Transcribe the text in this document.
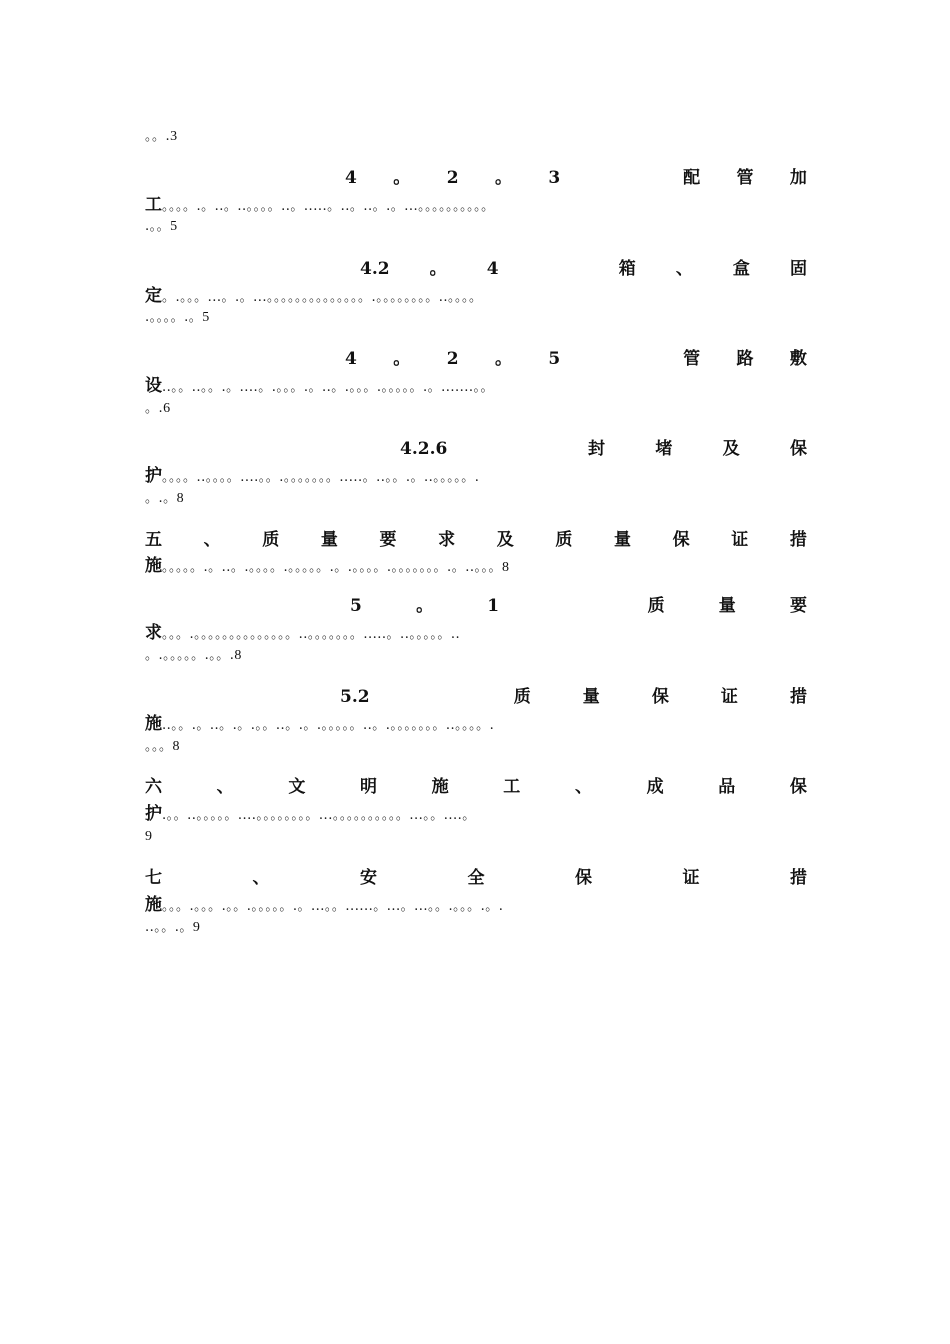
。。.3
4 。 2 。 3	配 管 加
工。。。。.。..。..。。。。..。.....。..。..。.。...。。。。。。。。。。
.。。5
4.2 。 4	箱 、 盒 固
定。.。。。...。.。...。。。。。。。。。。。。。。.。。。。。。。。..。。。。
.。。。。.。5
4 。 2 。 5	管 路 敷
设..。。..。。.。....。.。。。.。..。.。。。.。。。。。.。.......。。
。.6
4.2.6	封	堵	及	保
护。。。。..。。。。....。。.。。。。。。。.....。..。。.。..。。。。。.
。.。8
五 、 质 量 要 求 及 质 量 保 证 措
施。。。。。.。..。.。。。。.。。。。。.。.。。。。.。。。。。。。.。..。。。8
5	。	1	质	量	要
求。。。.。。。。。。。。。。。。。。..。。。。。。。.....。..。。。。。..
。.。。。。。.。。.8
5.2	质	量	保	证	措
施..。。.。..。.。.。。..。.。.。。。。。..。.。。。。。。。..。。。。.
。。。8
六	、	文	明	施	工	、	成	品	保
护.。。..。。。。。....。。。。。。。。...。。。。。。。。。。...。。....。
9
七	、	安	全	保	证	措
施。。。.。。。.。。.。。。。。.。...。。......。...。...。。.。。。.。.
..。。.。9
